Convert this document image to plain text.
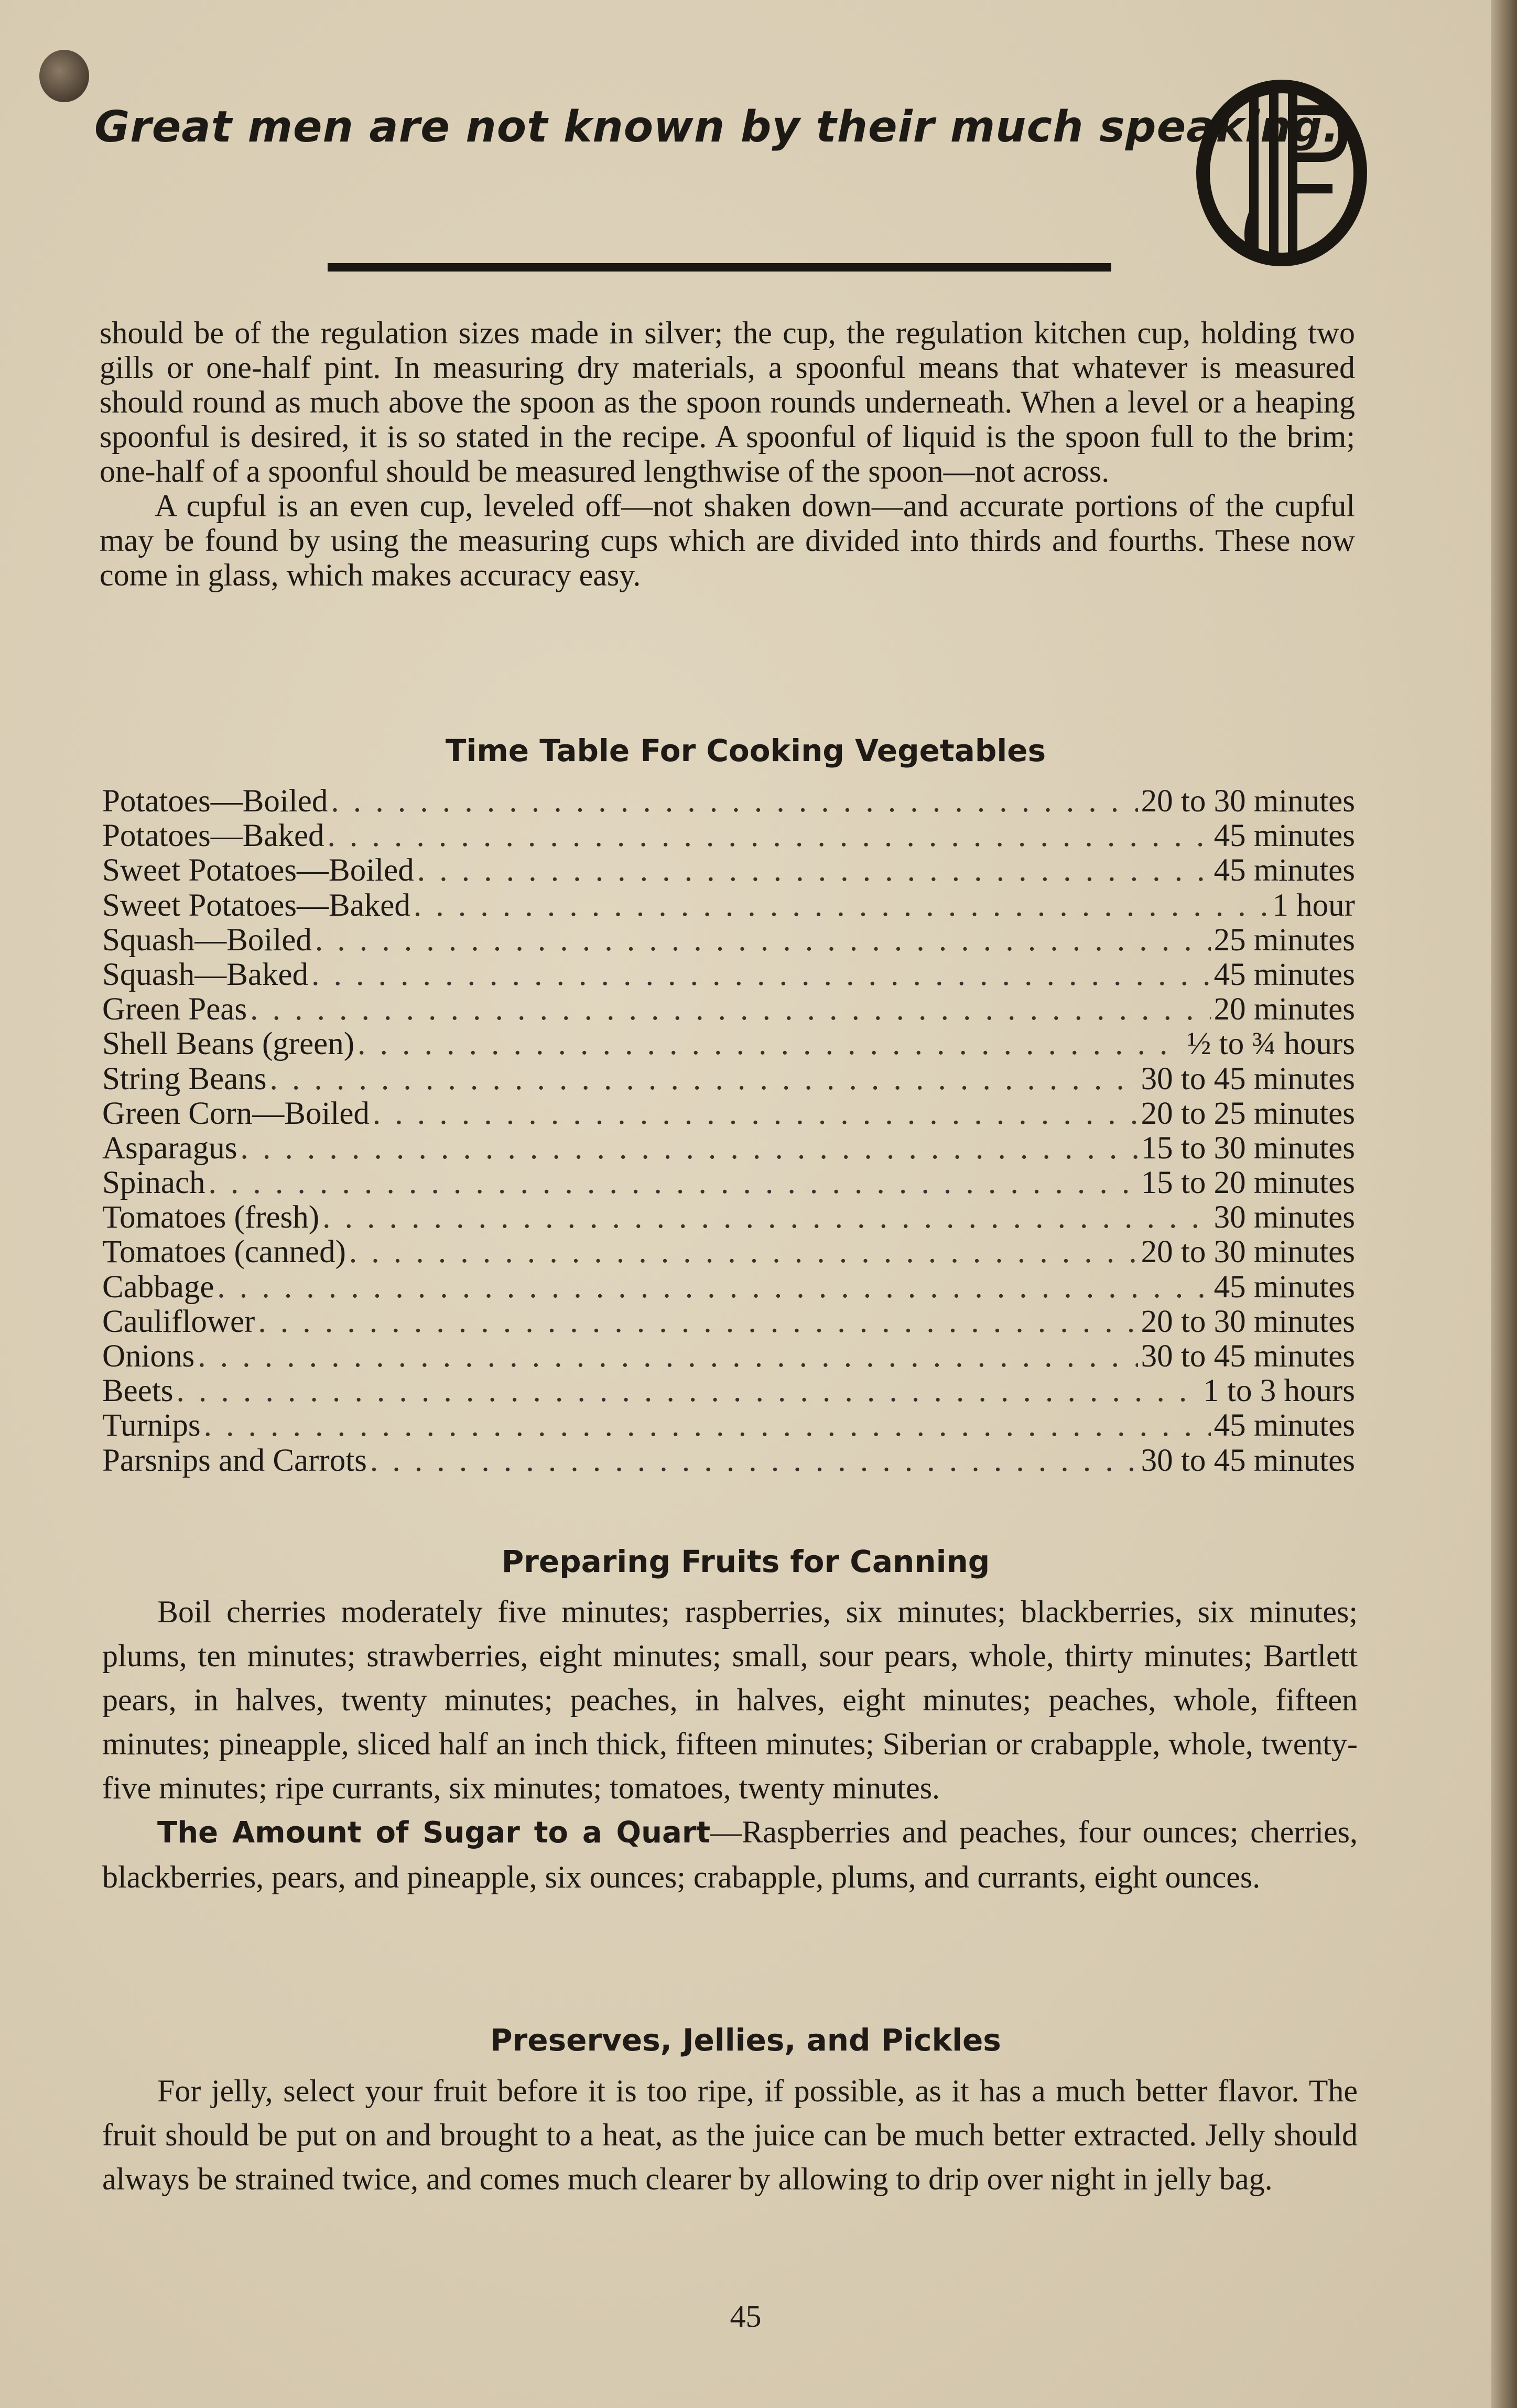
Great men are not known by their much speaking.

should be of the regulation sizes made in silver; the cup, the regulation kitchen cup, holding two gills or one-half pint. In measuring dry materials, a spoonful means that whatever is measured should round as much above the spoon as the spoon rounds underneath. When a level or a heaping spoonful is desired, it is so stated in the recipe. A spoonful of liquid is the spoon full to the brim; one-half of a spoonful should be measured lengthwise of the spoon—not across.

A cupful is an even cup, leveled off—not shaken down—and accurate portions of the cupful may be found by using the measuring cups which are divided into thirds and fourths. These now come in glass, which makes accuracy easy.

Time Table For Cooking Vegetables
Potatoes—Boiled . . .	20 to 30 minutes
Potatoes—Baked . . .	45 minutes
Sweet Potatoes—Boiled . . .	45 minutes
Sweet Potatoes—Baked . . .	1 hour
Squash—Boiled . . .	25 minutes
Squash—Baked . . .	45 minutes
Green Peas . . .	20 minutes
Shell Beans (green) . . .	½ to ¾ hours
String Beans . . .	30 to 45 minutes
Green Corn—Boiled . . .	20 to 25 minutes
Asparagus . . .	15 to 30 minutes
Spinach . . .	15 to 20 minutes
Tomatoes (fresh) . . .	30 minutes
Tomatoes (canned) . . .	20 to 30 minutes
Cabbage . . .	45 minutes
Cauliflower . . .	20 to 30 minutes
Onions . . .	30 to 45 minutes
Beets . . .	1 to 3 hours
Turnips . . .	45 minutes
Parsnips and Carrots . . .	30 to 45 minutes
Preparing Fruits for Canning

Boil cherries moderately five minutes; raspberries, six minutes; blackberries, six minutes; plums, ten minutes; strawberries, eight minutes; small, sour pears, whole, thirty minutes; Bartlett pears, in halves, twenty minutes; peaches, in halves, eight minutes; peaches, whole, fifteen minutes; pineapple, sliced half an inch thick, fifteen minutes; Siberian or crabapple, whole, twenty-five minutes; ripe currants, six minutes; tomatoes, twenty minutes.

The Amount of Sugar to a Quart—Raspberries and peaches, four ounces; cherries, blackberries, pears, and pineapple, six ounces; crabapple, plums, and currants, eight ounces.

Preserves, Jellies, and Pickles

For jelly, select your fruit before it is too ripe, if possible, as it has a much better flavor. The fruit should be put on and brought to a heat, as the juice can be much better extracted. Jelly should always be strained twice, and comes much clearer by allowing to drip over night in jelly bag.

45
